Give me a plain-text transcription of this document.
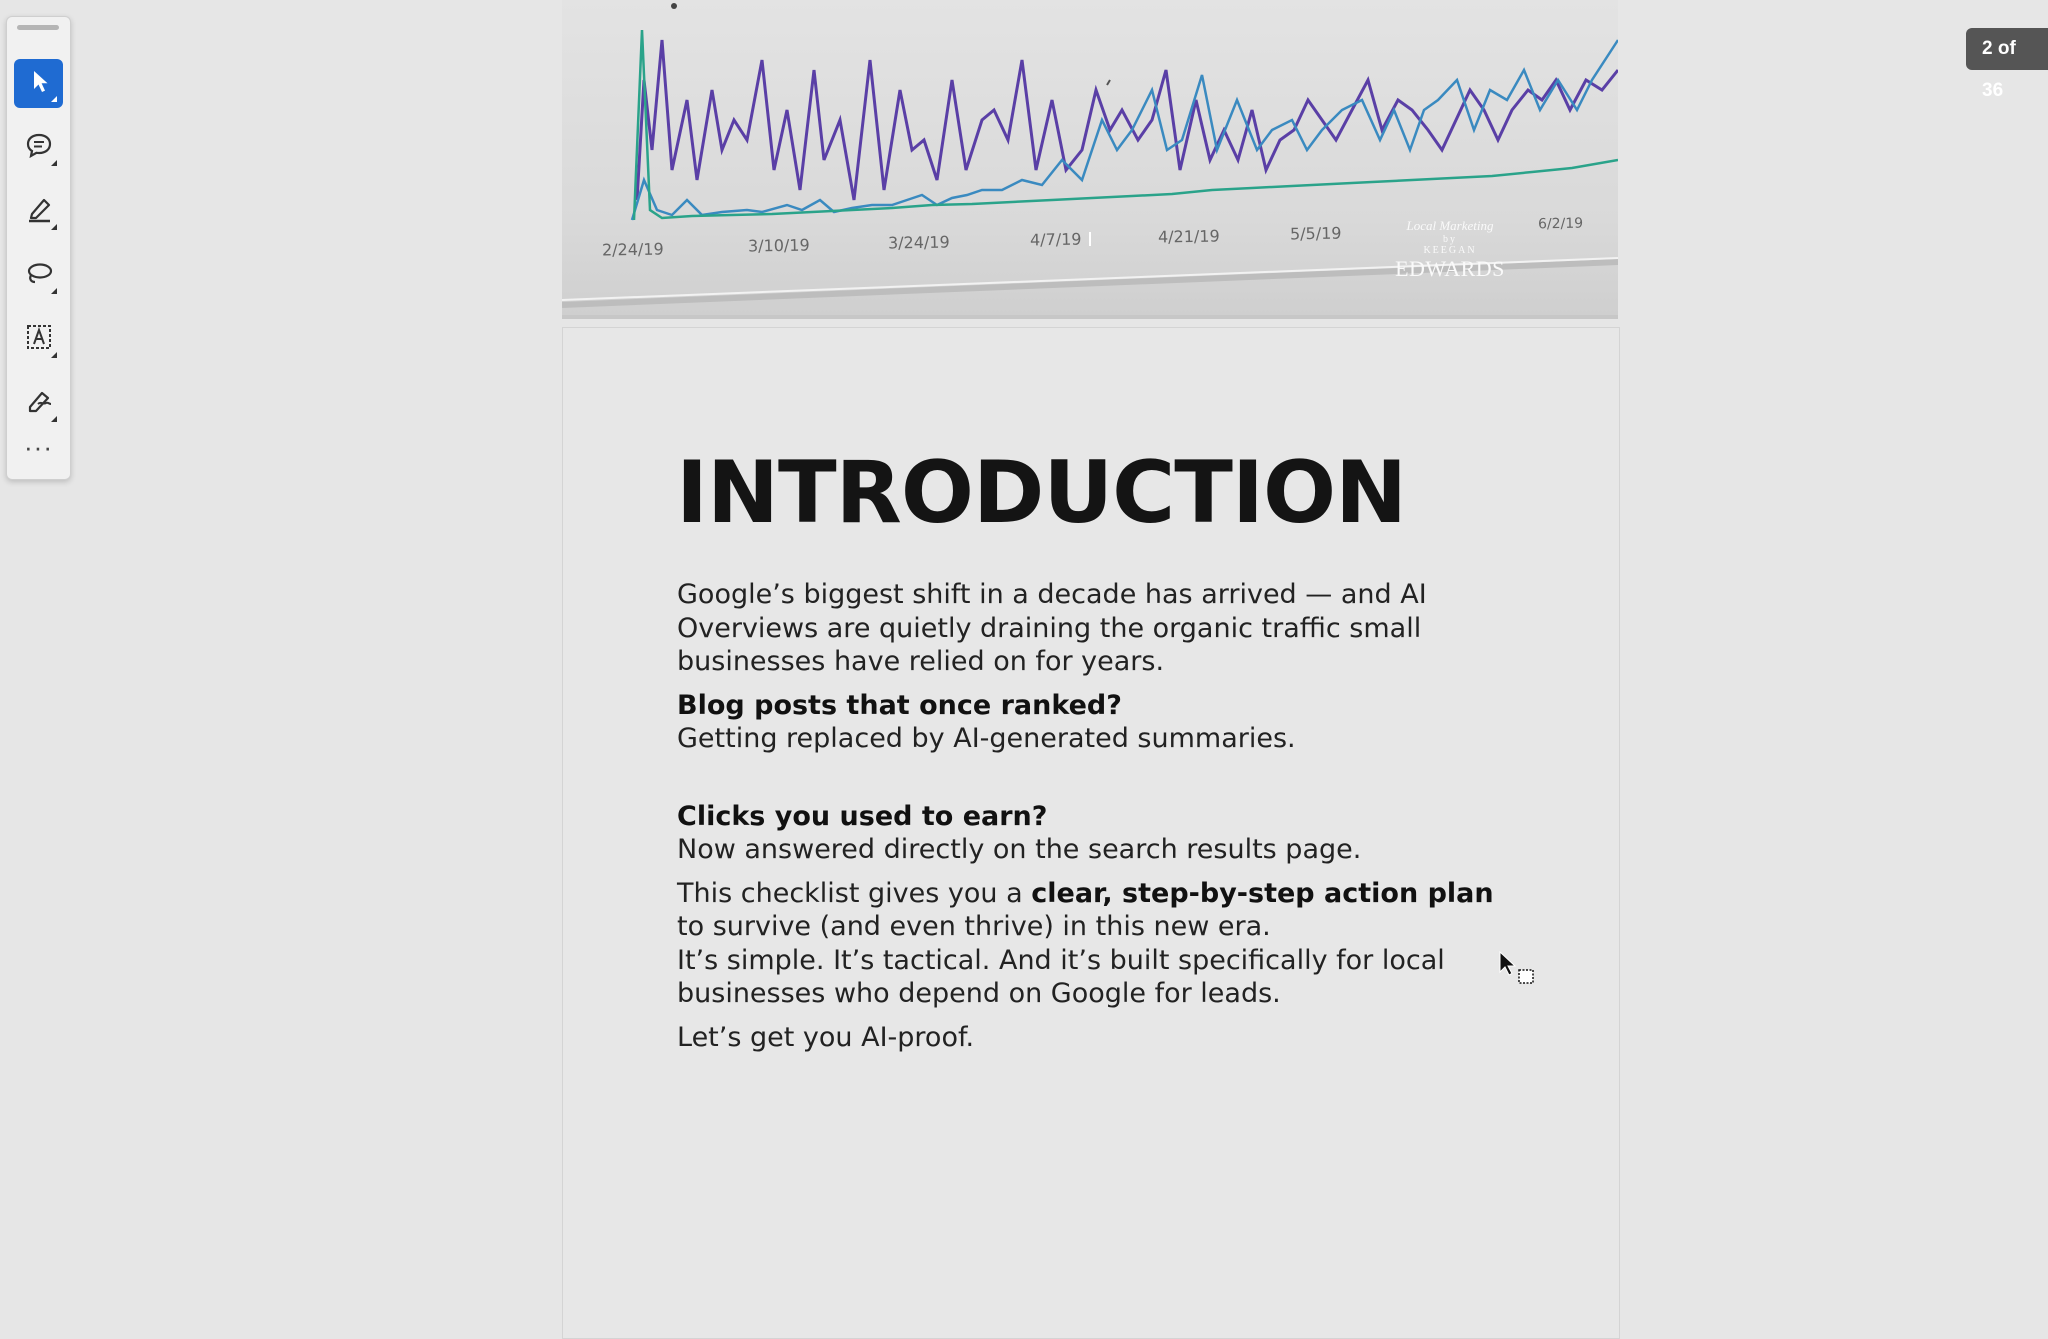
···
2 of 36
2/24/19	3/10/19	3/24/19	4/7/19	4/21/19	5/5/19	6/2/19
Local Marketing
by
KEEGAN
EDWARDS
INTRODUCTION

Google’s biggest shift in a decade has arrived — and AI Overviews are quietly draining the organic traffic small businesses have relied on for years.

Blog posts that once ranked?
Getting replaced by AI-generated summaries.

Clicks you used to earn?
Now answered directly on the search results page.

This checklist gives you a clear, step-by-step action plan to survive (and even thrive) in this new era.

It’s simple. It’s tactical. And it’s built specifically for local businesses who depend on Google for leads.

Let’s get you AI-proof.
